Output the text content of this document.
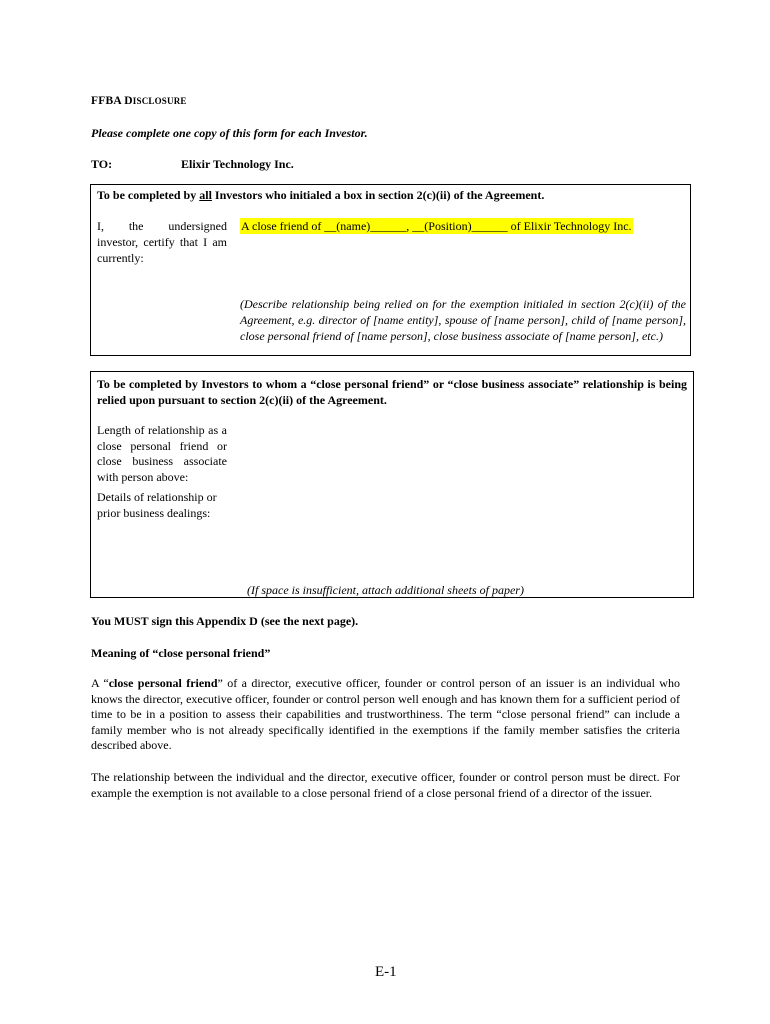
FFBA DISCLOSURE
Please complete one copy of this form for each Investor.
TO:	Elixir Technology Inc.
To be completed by all Investors who initialed a box in section 2(c)(ii) of the Agreement.
I, the undersigned investor, certify that I am currently:
A close friend of __(name)______, __(Position)______ of Elixir Technology Inc.
(Describe relationship being relied on for the exemption initialed in section 2(c)(ii) of the Agreement, e.g. director of [name entity], spouse of [name person], child of [name person], close personal friend of [name person], close business associate of [name person], etc.)
To be completed by Investors to whom a “close personal friend” or “close business associate” relationship is being relied upon pursuant to section 2(c)(ii) of the Agreement.
Length of relationship as a close personal friend or close business associate with person above:
Details of relationship or prior business dealings:
(If space is insufficient, attach additional sheets of paper)
You MUST sign this Appendix D (see the next page).
Meaning of “close personal friend”
A “close personal friend” of a director, executive officer, founder or control person of an issuer is an individual who knows the director, executive officer, founder or control person well enough and has known them for a sufficient period of time to be in a position to assess their capabilities and trustworthiness. The term “close personal friend” can include a family member who is not already specifically identified in the exemptions if the family member satisfies the criteria described above.
The relationship between the individual and the director, executive officer, founder or control person must be direct. For example the exemption is not available to a close personal friend of a close personal friend of a director of the issuer.
E-1
